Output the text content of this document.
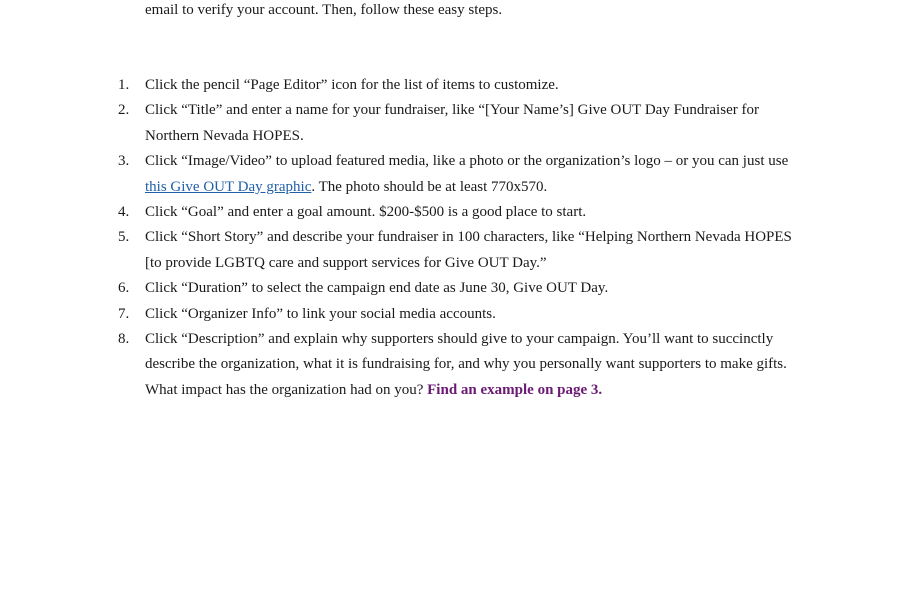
email to verify your account. Then, follow these easy steps.

1. Click the pencil “Page Editor” icon for the list of items to customize.
2. Click “Title” and enter a name for your fundraiser, like “[Your Name’s] Give OUT Day Fundraiser for Northern Nevada HOPES.
3. Click “Image/Video” to upload featured media, like a photo or the organization’s logo – or you can just use this Give OUT Day graphic. The photo should be at least 770x570.
4. Click “Goal” and enter a goal amount. $200-$500 is a good place to start.
5. Click “Short Story” and describe your fundraiser in 100 characters, like “Helping Northern Nevada HOPES [to provide LGBTQ care and support services for Give OUT Day.”
6. Click “Duration” to select the campaign end date as June 30, Give OUT Day.
7. Click “Organizer Info” to link your social media accounts.
8. Click “Description” and explain why supporters should give to your campaign. You’ll want to succinctly describe the organization, what it is fundraising for, and why you personally want supporters to make gifts. What impact has the organization had on you? Find an example on page 3.
